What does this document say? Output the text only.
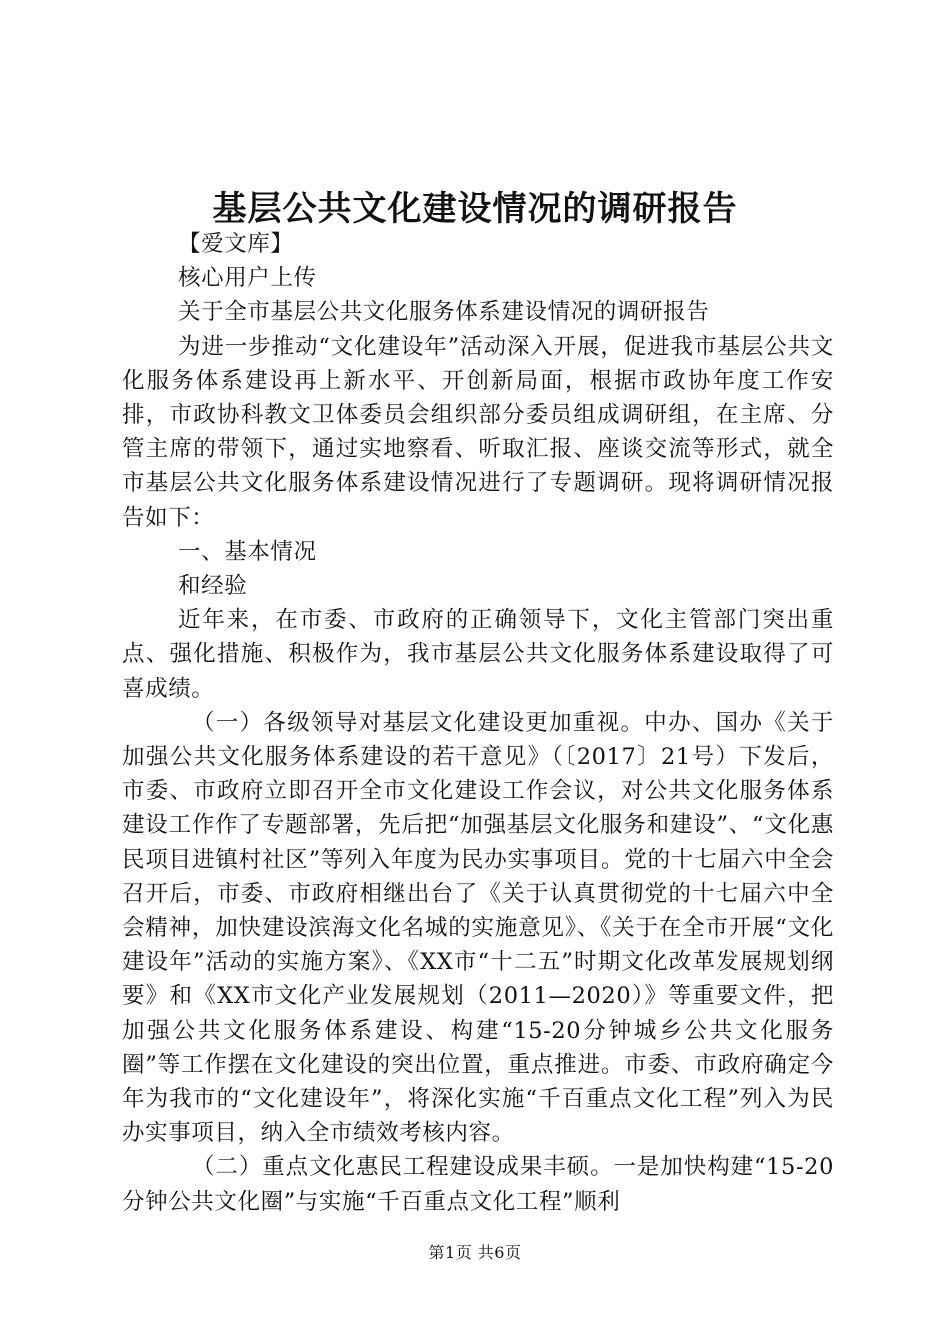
基层公共文化建设情况的调研报告

【爱文库】

核心用户上传

关于全市基层公共文化服务体系建设情况的调研报告

为进一步推动“文化建设年”活动深入开展，促进我市基层公共文化服务体系建设再上新水平、开创新局面，根据市政协年度工作安排，市政协科教文卫体委员会组织部分委员组成调研组，在主席、分管主席的带领下，通过实地察看、听取汇报、座谈交流等形式，就全市基层公共文化服务体系建设情况进行了专题调研。现将调研情况报告如下：

一、基本情况

和经验

近年来，在市委、市政府的正确领导下，文化主管部门突出重点、强化措施、积极作为，我市基层公共文化服务体系建设取得了可喜成绩。

（一）各级领导对基层文化建设更加重视。中办、国办《关于加强公共文化服务体系建设的若干意见》（〔2017〕21号）下发后，市委、市政府立即召开全市文化建设工作会议，对公共文化服务体系建设工作作了专题部署，先后把“加强基层文化服务和建设”、“文化惠民项目进镇村社区”等列入年度为民办实事项目。党的十七届六中全会召开后，市委、市政府相继出台了《关于认真贯彻党的十七届六中全会精神，加快建设滨海文化名城的实施意见》、《关于在全市开展“文化建设年”活动的实施方案》、《XX市“十二五”时期文化改革发展规划纲要》和《XX市文化产业发展规划（2011—2020）》等重要文件，把加强公共文化服务体系建设、构建“15-20分钟城乡公共文化服务圈”等工作摆在文化建设的突出位置，重点推进。市委、市政府确定今年为我市的“文化建设年”，将深化实施“千百重点文化工程”列入为民办实事项目，纳入全市绩效考核内容。

（二）重点文化惠民工程建设成果丰硕。一是加快构建“15-20分钟公共文化圈”与实施“千百重点文化工程”顺利

第1页 共6页
